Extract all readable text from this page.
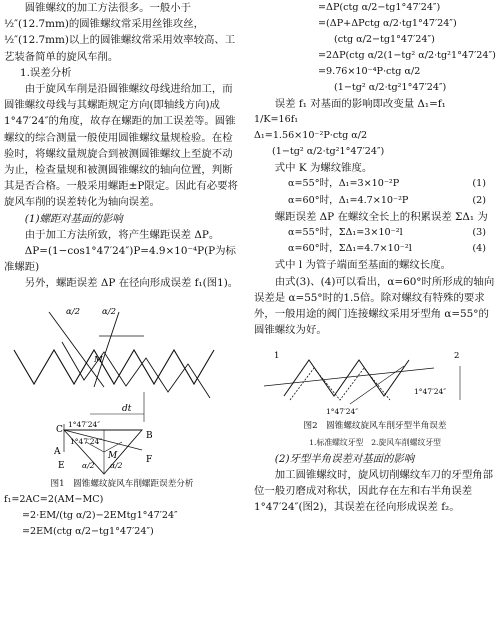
圆锥螺纹的加工方法很多。一般小于½″(12.7mm)的圆锥螺纹常采用丝锥攻丝，½″(12.7mm)以上的圆锥螺纹常采用效率较高、工艺装备简单的旋风车削。

1.误差分析

由于旋风车削是沿圆锥螺纹母线进给加工，而圆锥螺纹母线与其螺距规定方向(即轴线方向)成1°47′24″的角度，故存在螺距的加工误差等。圆锥螺纹的综合测量一般使用圆锥螺纹量规检验。在检验时，将螺纹量规旋合到被测圆锥螺纹上至旋不动为止，检查量规和被测圆锥螺纹的轴向位置，判断其是否合格。一般采用螺距±P限定。因此有必要将旋风车削的误差转化为轴向误差。

(1)螺距对基面的影响

由于加工方法所致，将产生螺距误差 ΔP。

ΔP=(1−cos1°47′24″)P=4.9×10⁻⁴P(P为标准螺距)

另外，螺距误差 ΔP 在径向形成误差 f₁(图1)。

dt
α/2	α/2
M
1°47′24″
1°47′24″
A
B
C
M
E
F
α/2 α/2

图1　圆锥螺纹旋风车削螺距误差分析

f₁=2AC=2(AM−MC)

=2·EM/(tg α/2)−2EMtg1°47′24″

=2EM(ctg α/2−tg1°47′24″)

=ΔP(ctg α/2−tg1°47′24″)

=(ΔP+ΔPctg α/2·tg1°47′24″)

(ctg α/2−tg1°47′24″)

=2ΔP(ctg α/2(1−tg² α/2·tg²1°47′24″)

=9.76×10⁻⁴P·ctg α/2

(1−tg² α/2·tg²1°47′24″)

误差 f₁ 对基面的影响即改变量 Δ₁=f₁

1/K=16f₁

Δ₁=1.56×10⁻²P·ctg α/2

(1−tg² α/2·tg²1°47′24″)

式中 K 为螺纹锥度。

α=55°时，Δ₁=3×10⁻²P	(1)
α=60°时，Δ₁=4.7×10⁻²P	(2)

螺距误差 ΔP 在螺纹全长上的积累误差 ΣΔ₁ 为

α=55°时，ΣΔ₁=3×10⁻²l	(3)
α=60°时，ΣΔ₁=4.7×10⁻²l	(4)

式中 l 为管子端面至基面的螺纹长度。

由式(3)、(4)可以看出，α=60°时所形成的轴向误差是 α=55°时的1.5倍。除对螺纹有特殊的要求外，一般用途的阀门连接螺纹采用牙型角 α=55°的圆锥螺纹为好。

1	2
1°47′24″
1°47′24″

图2　圆锥螺纹旋风车削牙型半角误差

1.标准螺纹牙型　2.旋风车削螺纹牙型

(2)牙型半角误差对基面的影响

加工圆锥螺纹时，旋风切削螺纹车刀的牙型角部位一般刃磨成对称状，因此存在左和右半角误差1°47′24″(图2)，其误差在径向形成误差 f₂。
